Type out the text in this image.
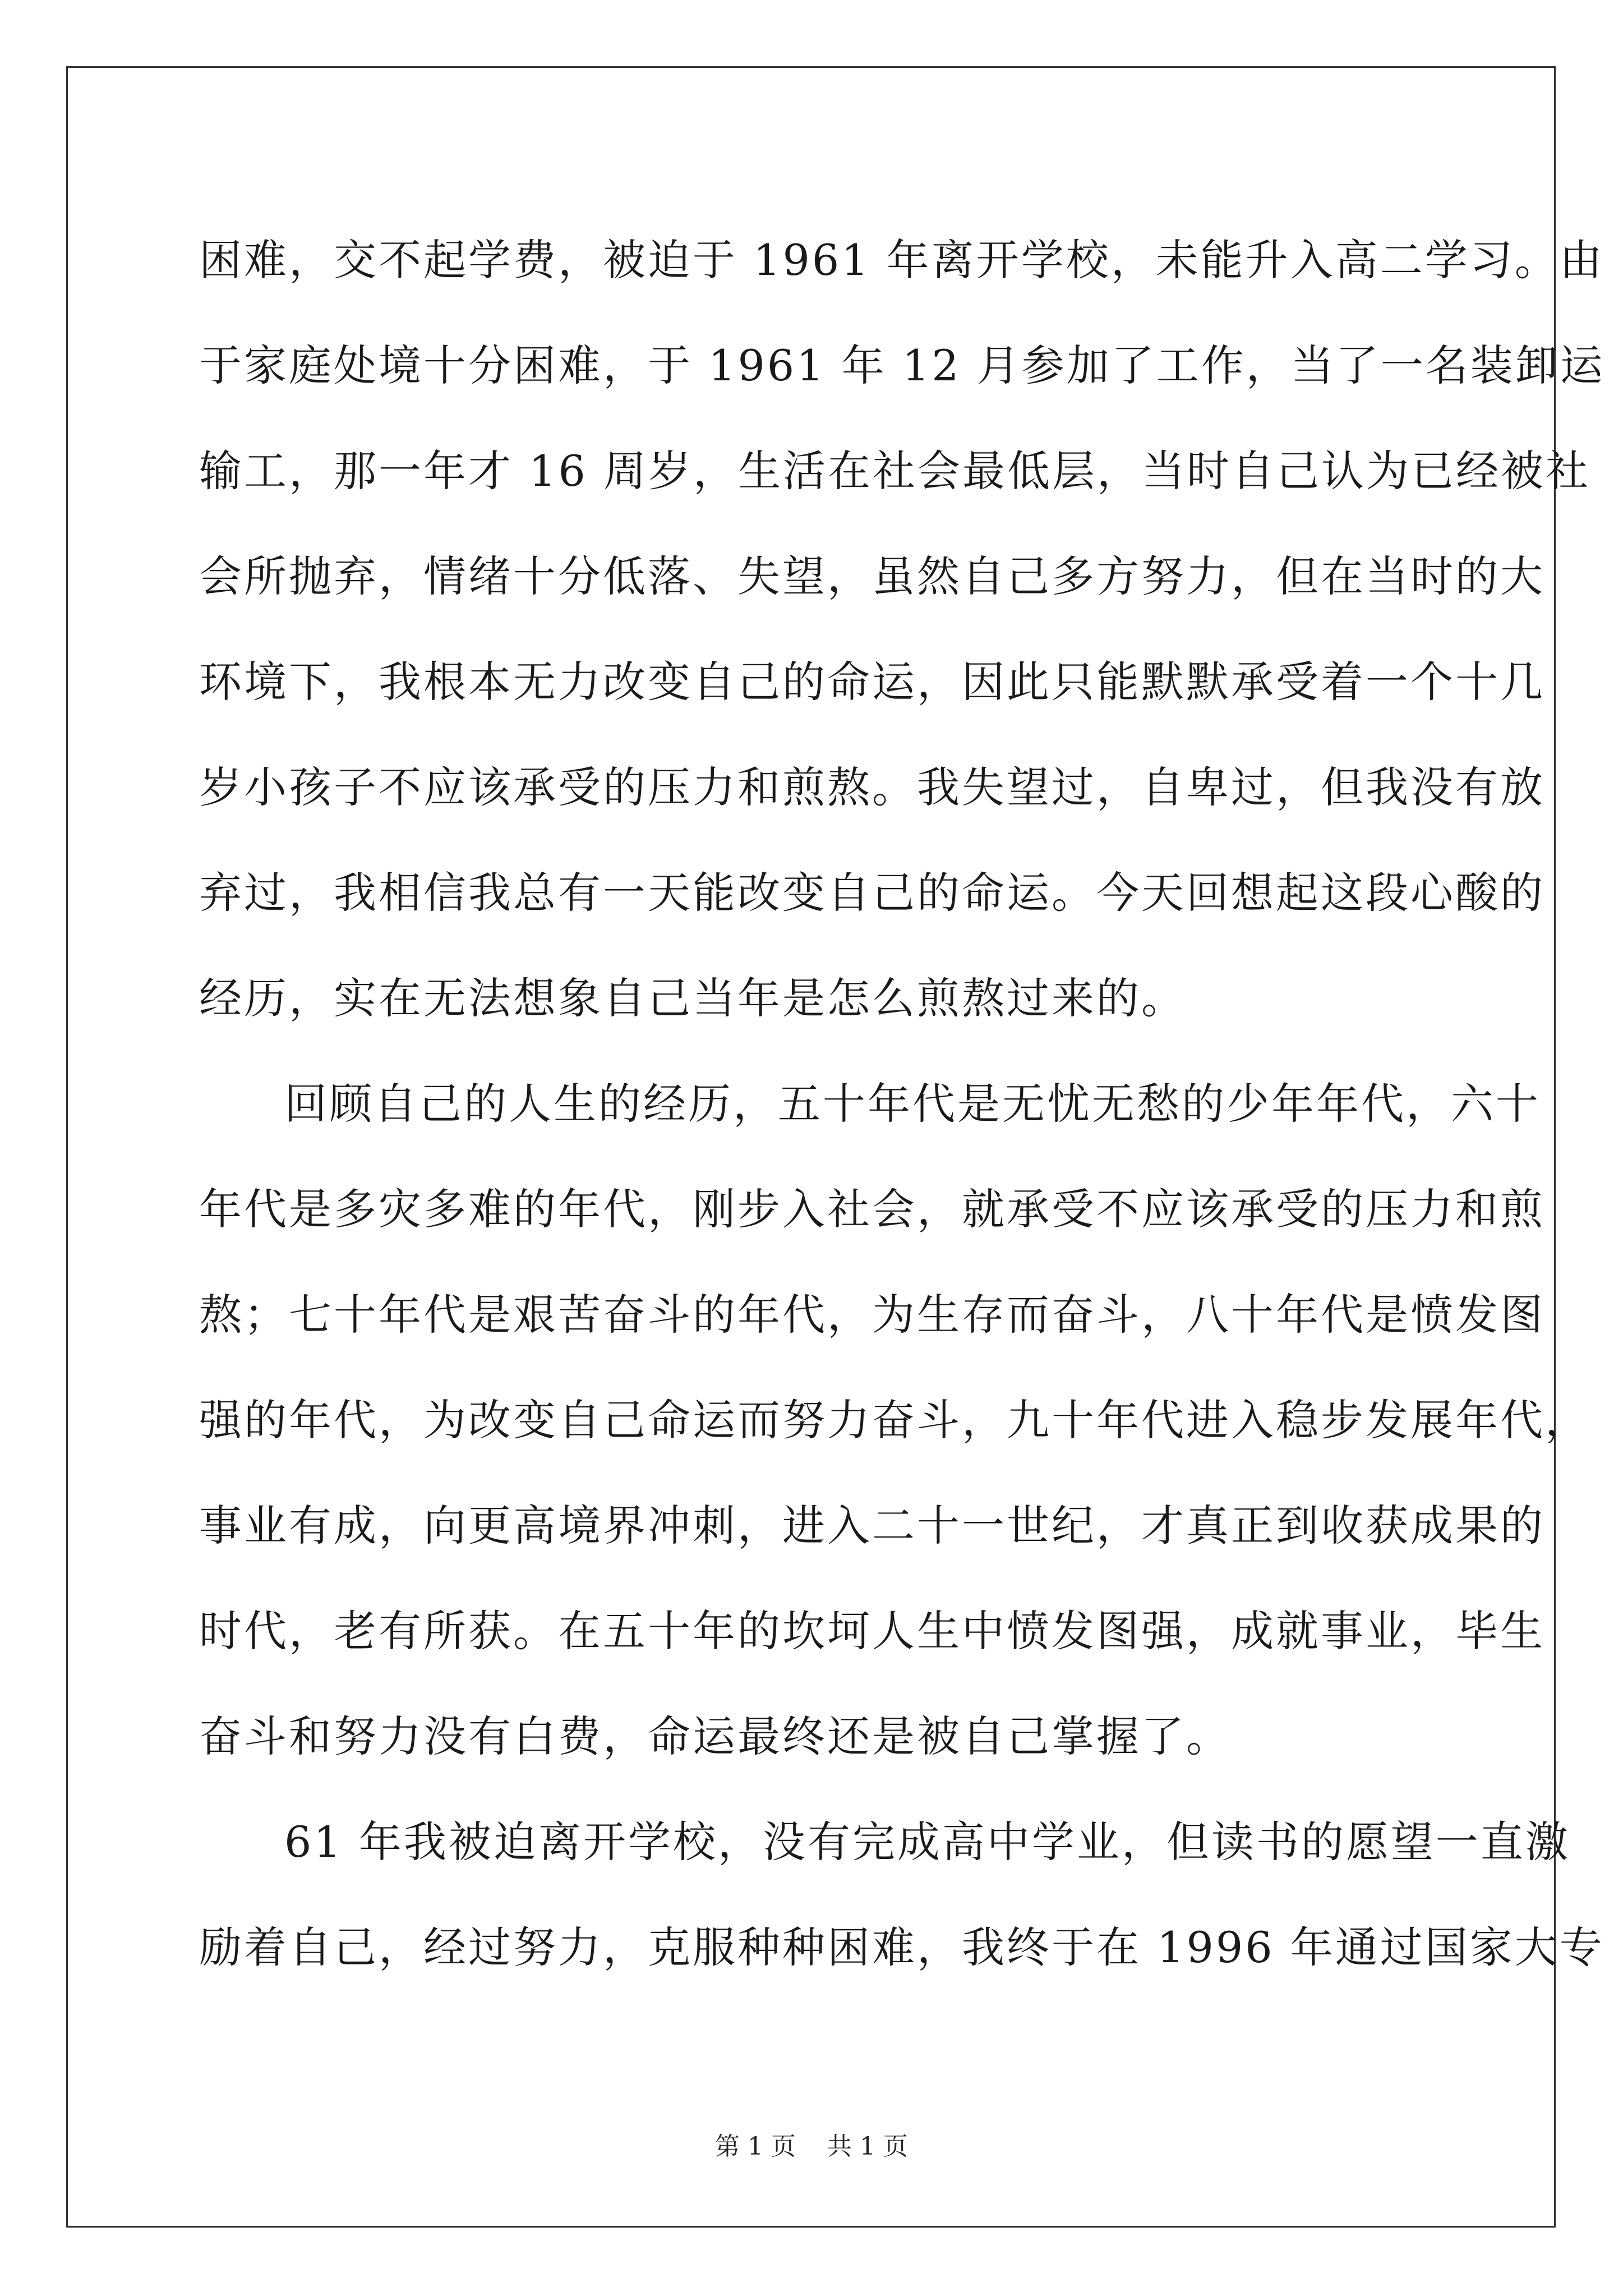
困难，交不起学费，被迫于 1961 年离开学校，未能升入高二学习。由
于家庭处境十分困难，于 1961 年 12 月参加了工作，当了一名装卸运
输工，那一年才 16 周岁，生活在社会最低层，当时自己认为已经被社
会所抛弃，情绪十分低落、失望，虽然自己多方努力，但在当时的大
环境下，我根本无力改变自己的命运，因此只能默默承受着一个十几
岁小孩子不应该承受的压力和煎熬。我失望过，自卑过，但我没有放
弃过，我相信我总有一天能改变自己的命运。今天回想起这段心酸的
经历，实在无法想象自己当年是怎么煎熬过来的。
回顾自己的人生的经历，五十年代是无忧无愁的少年年代，六十
年代是多灾多难的年代，刚步入社会，就承受不应该承受的压力和煎
熬；七十年代是艰苦奋斗的年代，为生存而奋斗，八十年代是愤发图
强的年代，为改变自己命运而努力奋斗，九十年代进入稳步发展年代，
事业有成，向更高境界冲刺，进入二十一世纪，才真正到收获成果的
时代，老有所获。在五十年的坎坷人生中愤发图强，成就事业，毕生
奋斗和努力没有白费，命运最终还是被自己掌握了。
61 年我被迫离开学校，没有完成高中学业，但读书的愿望一直激
励着自己，经过努力，克服种种困难，我终于在 1996 年通过国家大专
第 1 页    共 1 页
